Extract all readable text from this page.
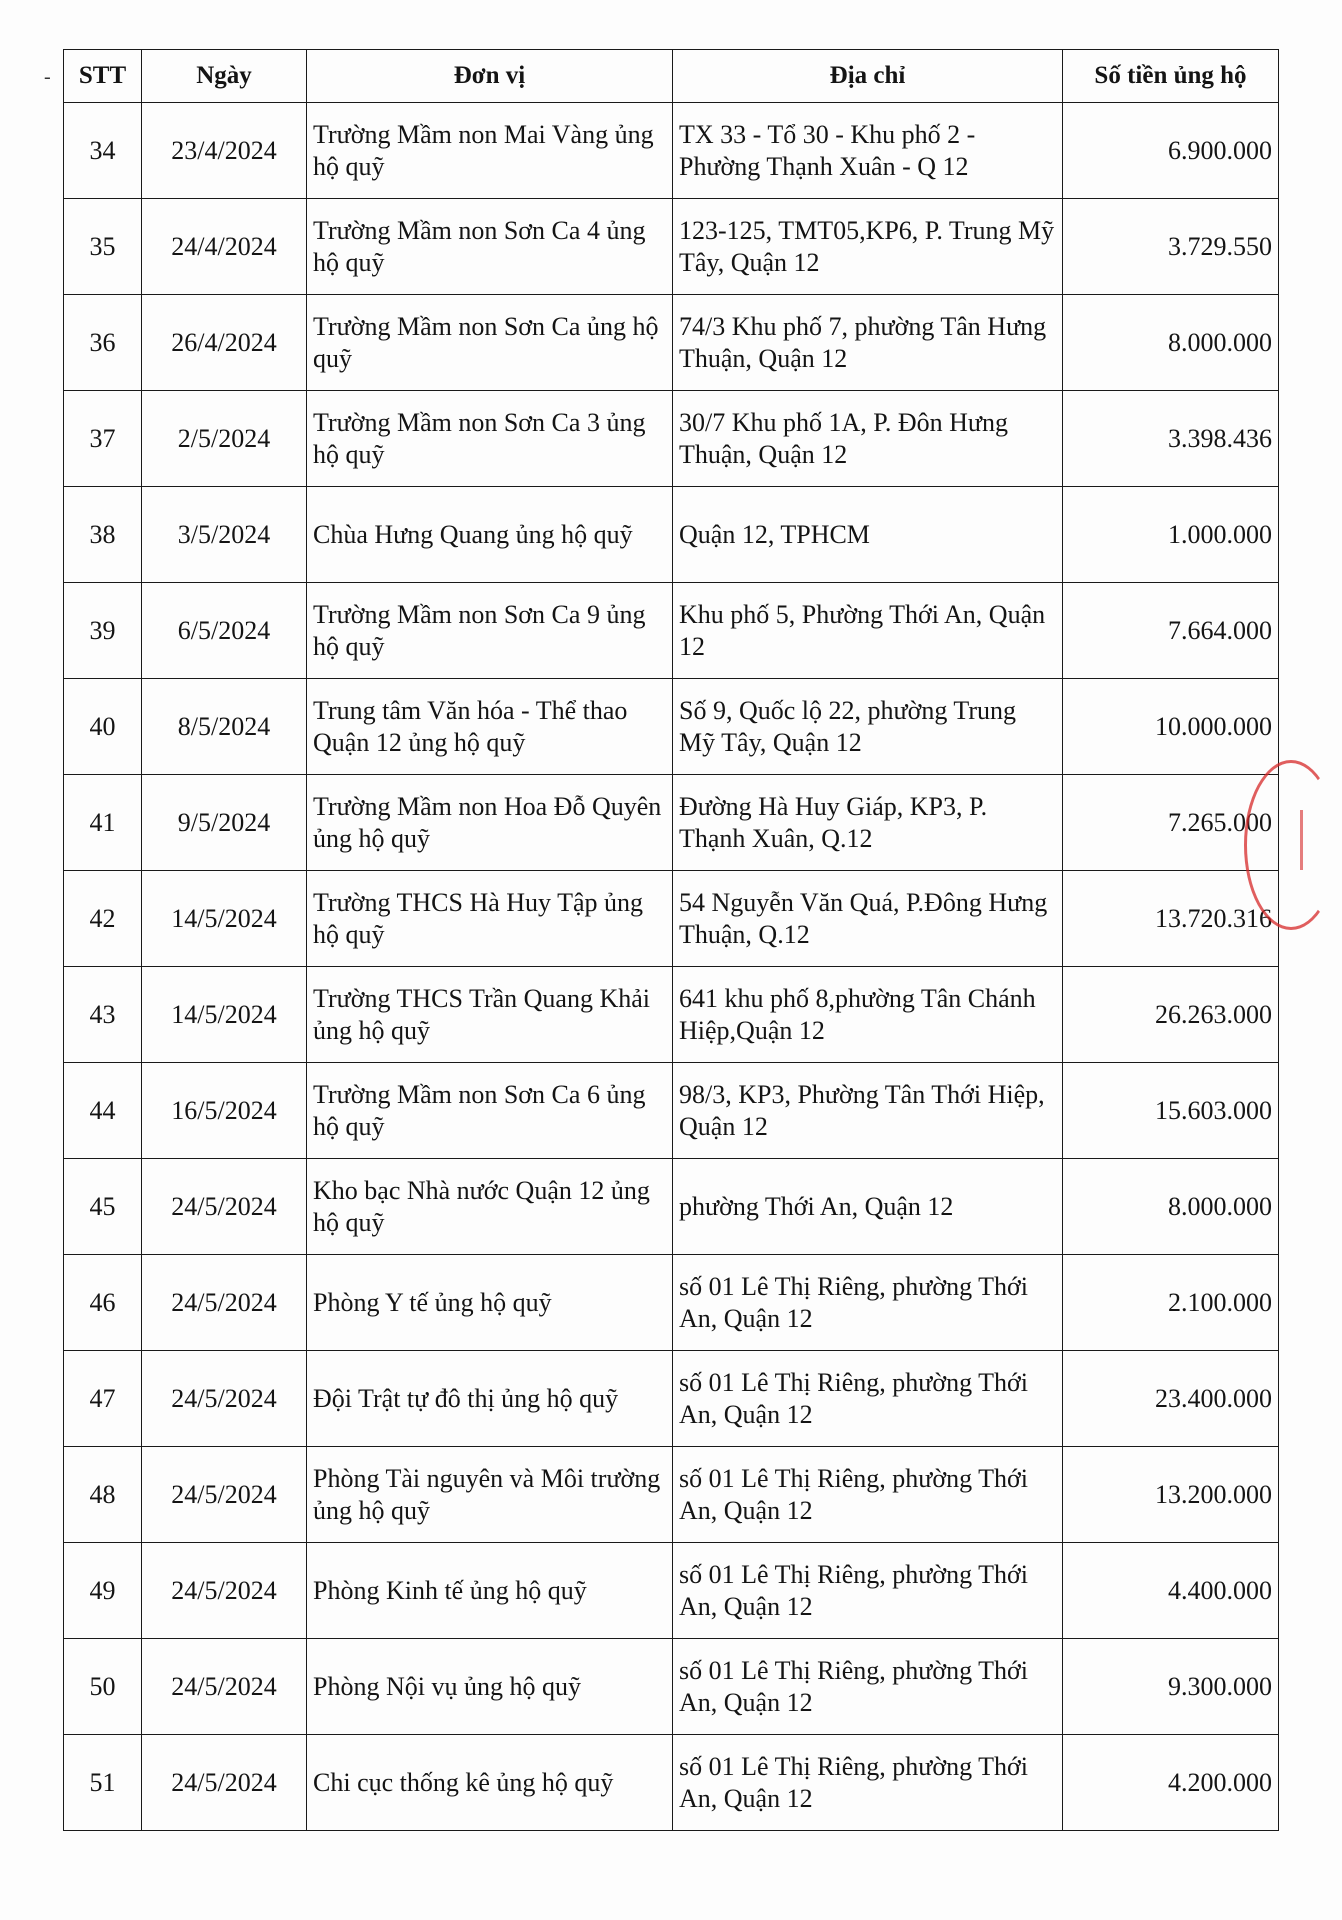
- STT	Ngày	Đơn vị	Địa chỉ	Số tiền ủng hộ
34	23/4/2024	Trường Mầm non Mai Vàng ủng hộ quỹ	TX 33 - Tổ 30 - Khu phố 2 - Phường Thạnh Xuân - Q 12	6.900.000
35	24/4/2024	Trường Mầm non Sơn Ca 4 ủng hộ quỹ	123-125, TMT05,KP6, P. Trung Mỹ Tây, Quận 12	3.729.550
36	26/4/2024	Trường Mầm non Sơn Ca ủng hộ quỹ	74/3 Khu phố 7, phường Tân Hưng Thuận, Quận 12	8.000.000
37	2/5/2024	Trường Mầm non Sơn Ca 3 ủng hộ quỹ	30/7 Khu phố 1A, P. Đôn Hưng Thuận, Quận 12	3.398.436
38	3/5/2024	Chùa Hưng Quang ủng hộ quỹ	Quận 12, TPHCM	1.000.000
39	6/5/2024	Trường Mầm non Sơn Ca 9 ủng hộ quỹ	Khu phố 5, Phường Thới An, Quận 12	7.664.000
40	8/5/2024	Trung tâm Văn hóa - Thể thao Quận 12 ủng hộ quỹ	Số 9, Quốc lộ 22, phường Trung Mỹ Tây, Quận 12	10.000.000
41	9/5/2024	Trường Mầm non Hoa Đỗ Quyên ủng hộ quỹ	Đường Hà Huy Giáp, KP3, P. Thạnh Xuân, Q.12	7.265.000
42	14/5/2024	Trường THCS Hà Huy Tập ủng hộ quỹ	54 Nguyễn Văn Quá, P.Đông Hưng Thuận, Q.12	13.720.316
43	14/5/2024	Trường THCS Trần Quang Khải ủng hộ quỹ	641 khu phố 8,phường Tân Chánh Hiệp,Quận 12	26.263.000
44	16/5/2024	Trường Mầm non Sơn Ca 6 ủng hộ quỹ	98/3, KP3, Phường Tân Thới Hiệp, Quận 12	15.603.000
45	24/5/2024	Kho bạc Nhà nước Quận 12 ủng hộ quỹ	phường Thới An, Quận 12	8.000.000
46	24/5/2024	Phòng Y tế ủng hộ quỹ	số 01 Lê Thị Riêng, phường Thới An, Quận 12	2.100.000
47	24/5/2024	Đội Trật tự đô thị ủng hộ quỹ	số 01 Lê Thị Riêng, phường Thới An, Quận 12	23.400.000
48	24/5/2024	Phòng Tài nguyên và Môi trường ủng hộ quỹ	số 01 Lê Thị Riêng, phường Thới An, Quận 12	13.200.000
49	24/5/2024	Phòng Kinh tế ủng hộ quỹ	số 01 Lê Thị Riêng, phường Thới An, Quận 12	4.400.000
50	24/5/2024	Phòng Nội vụ ủng hộ quỹ	số 01 Lê Thị Riêng, phường Thới An, Quận 12	9.300.000
51	24/5/2024	Chi cục thống kê ủng hộ quỹ	số 01 Lê Thị Riêng, phường Thới An, Quận 12	4.200.000
